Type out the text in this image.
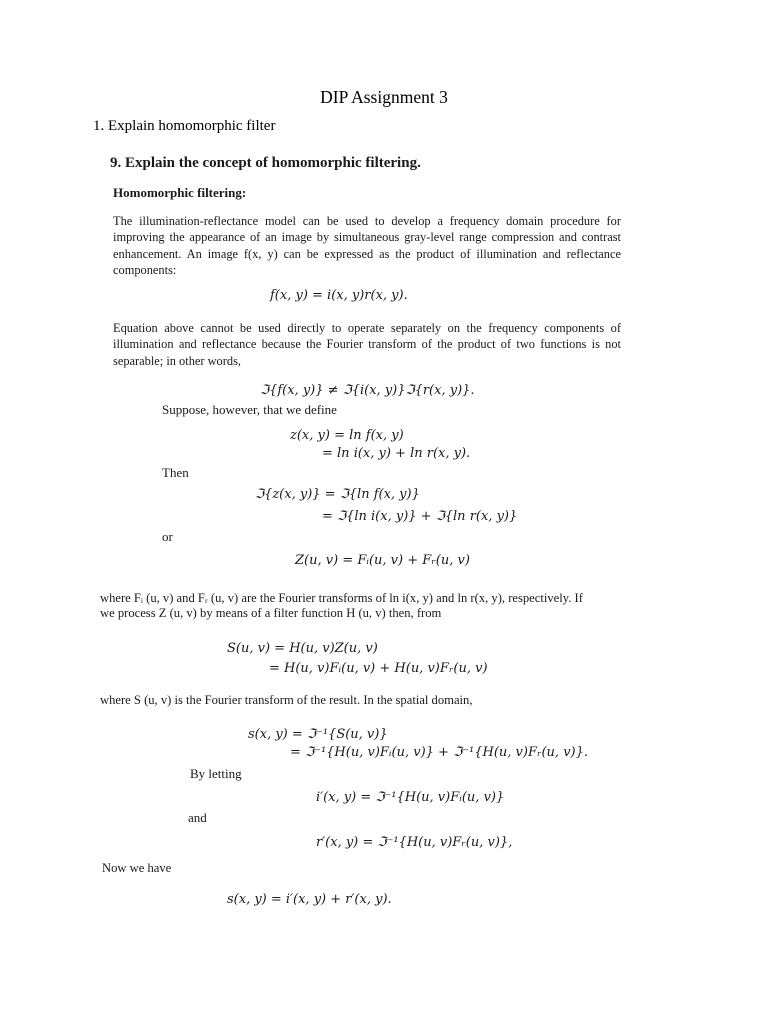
DIP Assignment 3
1. Explain homomorphic filter
9. Explain the concept of homomorphic filtering.
Homomorphic filtering:
The illumination-reflectance model can be used to develop a frequency domain procedure for improving the appearance of an image by simultaneous gray-level range compression and contrast enhancement. An image f(x, y) can be expressed as the product of illumination and reflectance components:
f(x, y) = i(x, y)r(x, y).
Equation above cannot be used directly to operate separately on the frequency components of illumination and reflectance because the Fourier transform of the product of two functions is not separable; in other words,
ℑ{f(x, y)} ≠ ℑ{i(x, y)}ℑ{r(x, y)}.
Suppose, however, that we define
z(x, y) = ln f(x, y)
= ln i(x, y) + ln r(x, y).
Then
ℑ{z(x, y)} = ℑ{ln f(x, y)}
= ℑ{ln i(x, y)} + ℑ{ln r(x, y)}
or
Z(u, v) = Fᵢ(u, v) + Fᵣ(u, v)
where Fᵢ (u, v) and Fᵣ (u, v) are the Fourier transforms of ln i(x, y) and ln r(x, y), respectively. If
we process Z (u, v) by means of a filter function H (u, v) then, from
S(u, v) = H(u, v)Z(u, v)
= H(u, v)Fᵢ(u, v) + H(u, v)Fᵣ(u, v)
where S (u, v) is the Fourier transform of the result. In the spatial domain,
s(x, y) = ℑ⁻¹{S(u, v)}
= ℑ⁻¹{H(u, v)Fᵢ(u, v)} + ℑ⁻¹{H(u, v)Fᵣ(u, v)}.
By letting
i′(x, y) = ℑ⁻¹{H(u, v)Fᵢ(u, v)}
and
r′(x, y) = ℑ⁻¹{H(u, v)Fᵣ(u, v)},
Now we have
s(x, y) = i′(x, y) + r′(x, y).
